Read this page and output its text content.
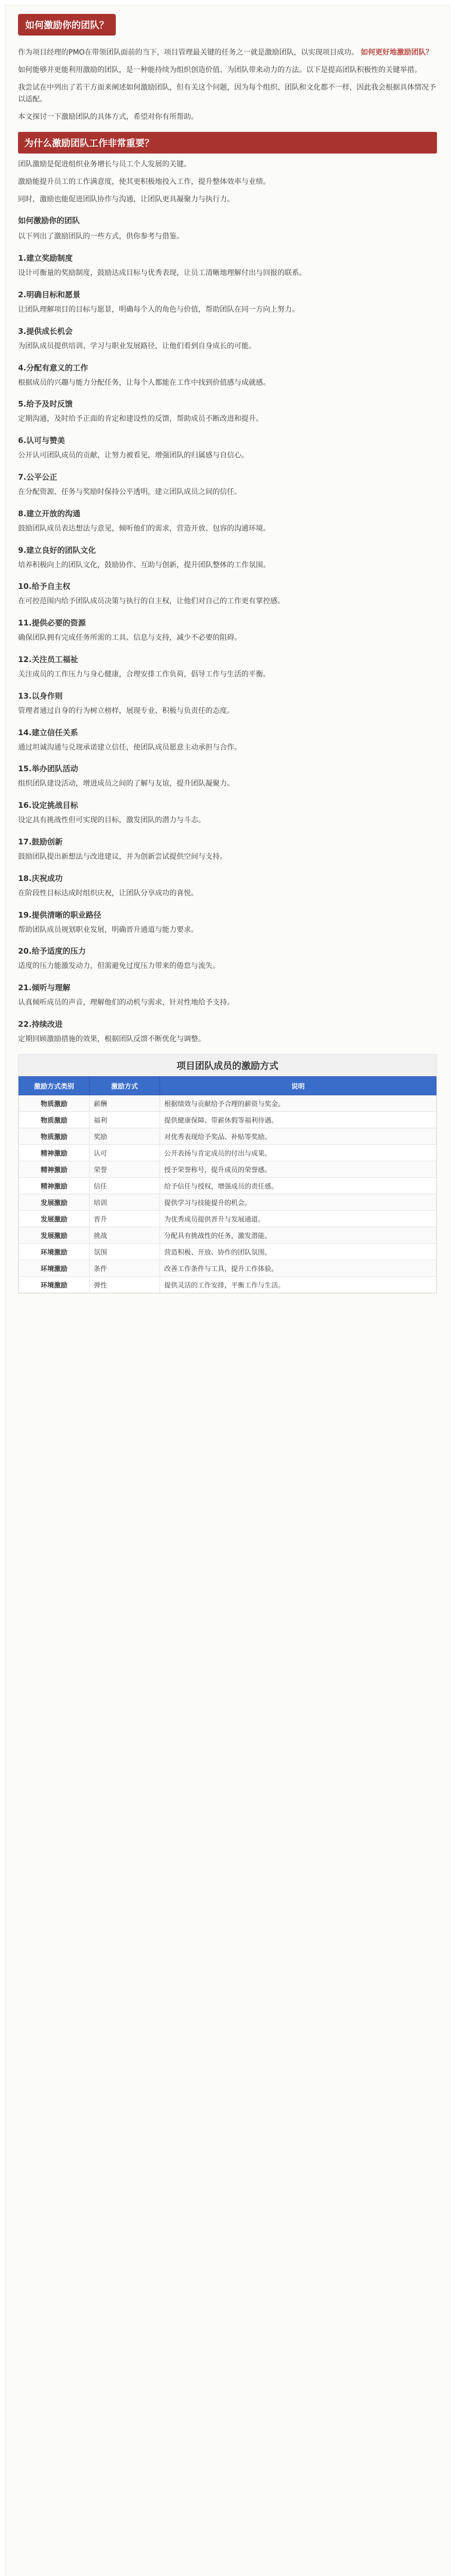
如何激励你的团队？

作为项目经理的PMO在带领团队面前的当下，项目管理最关键的任务之一就是激励团队，以实现项目成功。 如何更好地激励团队？

如何能够并更能利用激励的团队，是一种能持续为组织创造价值、为团队带来动力的方法。以下是提高团队积极性的关键举措。

我尝试在中列出了若干方面来阐述如何激励团队，但有关这个问题，因为每个组织、团队和文化都不一样，因此我会根据具体情况予以适配。

本文探讨一下激励团队的具体方式，希望对你有所帮助。

为什么激励团队工作非常重要？

团队激励是促进组织业务增长与员工个人发展的关键。

激励能提升员工的工作满意度，使其更积极地投入工作，提升整体效率与业绩。

同时，激励也能促进团队协作与沟通，让团队更具凝聚力与执行力。

如何激励你的团队

以下列出了激励团队的一些方式，供你参考与借鉴。

1.建立奖励制度

设计可衡量的奖励制度，鼓励达成目标与优秀表现，让员工清晰地理解付出与回报的联系。

2.明确目标和愿景

让团队理解项目的目标与愿景，明确每个人的角色与价值，帮助团队在同一方向上努力。

3.提供成长机会

为团队成员提供培训、学习与职业发展路径，让他们看到自身成长的可能。

4.分配有意义的工作

根据成员的兴趣与能力分配任务，让每个人都能在工作中找到价值感与成就感。

5.给予及时反馈

定期沟通，及时给予正面的肯定和建设性的反馈，帮助成员不断改进和提升。

6.认可与赞美

公开认可团队成员的贡献，让努力被看见，增强团队的归属感与自信心。

7.公平公正

在分配资源、任务与奖励时保持公平透明，建立团队成员之间的信任。

8.建立开放的沟通

鼓励团队成员表达想法与意见，倾听他们的需求，营造开放、包容的沟通环境。

9.建立良好的团队文化

培养积极向上的团队文化，鼓励协作、互助与创新，提升团队整体的工作氛围。

10.给予自主权

在可控范围内给予团队成员决策与执行的自主权，让他们对自己的工作更有掌控感。

11.提供必要的资源

确保团队拥有完成任务所需的工具、信息与支持，减少不必要的阻碍。

12.关注员工福祉

关注成员的工作压力与身心健康，合理安排工作负荷，倡导工作与生活的平衡。

13.以身作则

管理者通过自身的行为树立榜样，展现专业、积极与负责任的态度。

14.建立信任关系

通过坦诚沟通与兑现承诺建立信任，使团队成员愿意主动承担与合作。

15.举办团队活动

组织团队建设活动，增进成员之间的了解与友谊，提升团队凝聚力。

16.设定挑战目标

设定具有挑战性但可实现的目标，激发团队的潜力与斗志。

17.鼓励创新

鼓励团队提出新想法与改进建议，并为创新尝试提供空间与支持。

18.庆祝成功

在阶段性目标达成时组织庆祝，让团队分享成功的喜悦。

19.提供清晰的职业路径

帮助团队成员规划职业发展，明确晋升通道与能力要求。

20.给予适度的压力

适度的压力能激发动力，但需避免过度压力带来的倦怠与流失。

21.倾听与理解

认真倾听成员的声音，理解他们的动机与需求，针对性地给予支持。

22.持续改进

定期回顾激励措施的效果，根据团队反馈不断优化与调整。

项目团队成员的激励方式
激励方式类别	激励方式	说明
物质激励	薪酬	根据绩效与贡献给予合理的薪资与奖金。
物质激励	福利	提供健康保障、带薪休假等福利待遇。
物质激励	奖励	对优秀表现给予奖品、补贴等奖励。
精神激励	认可	公开表扬与肯定成员的付出与成果。
精神激励	荣誉	授予荣誉称号，提升成员的荣誉感。
精神激励	信任	给予信任与授权，增强成员的责任感。
发展激励	培训	提供学习与技能提升的机会。
发展激励	晋升	为优秀成员提供晋升与发展通道。
发展激励	挑战	分配具有挑战性的任务，激发潜能。
环境激励	氛围	营造积极、开放、协作的团队氛围。
环境激励	条件	改善工作条件与工具，提升工作体验。
环境激励	弹性	提供灵活的工作安排，平衡工作与生活。
